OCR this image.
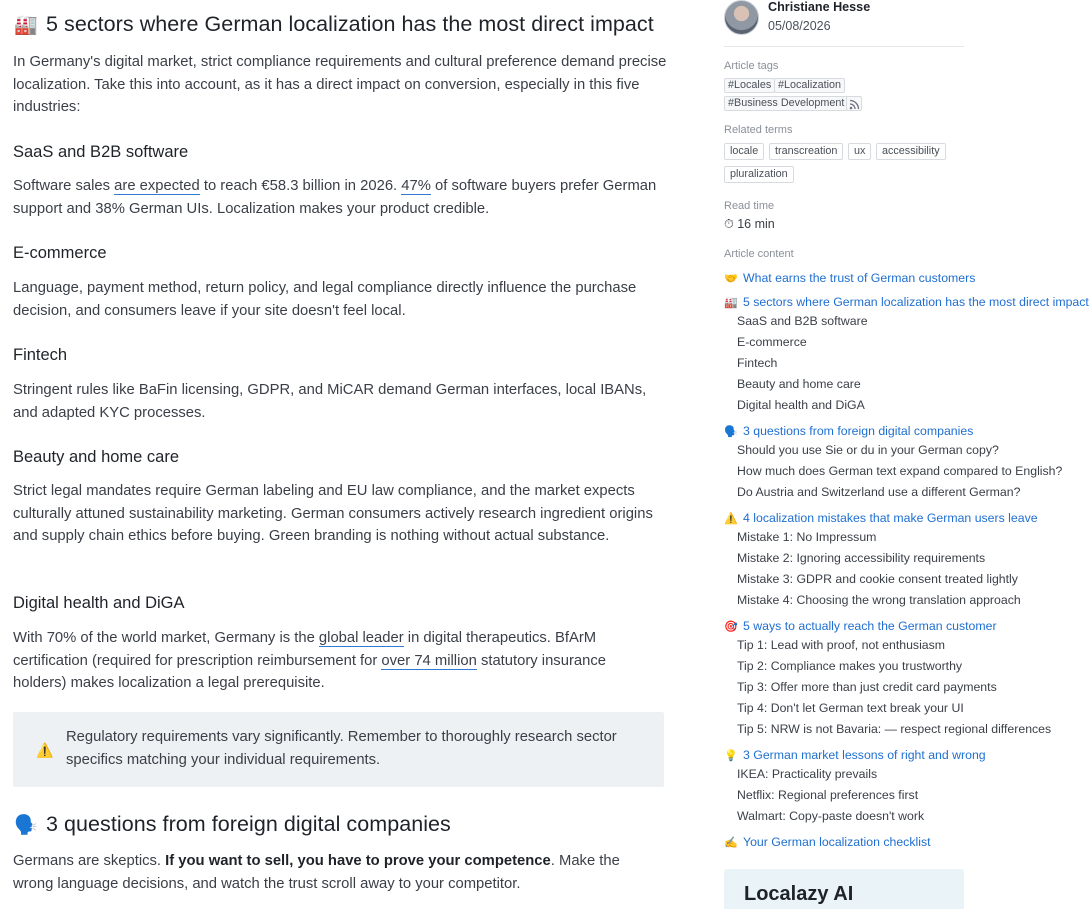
🏭 5 sectors where German localization has the most direct impact
In Germany's digital market, strict compliance requirements and cultural preference demand precise localization. Take this into account, as it has a direct impact on conversion, especially in this five industries:
SaaS and B2B software
Software sales are expected to reach €58.3 billion in 2026. 47% of software buyers prefer German support and 38% German UIs. Localization makes your product credible.
E-commerce
Language, payment method, return policy, and legal compliance directly influence the purchase decision, and consumers leave if your site doesn't feel local.
Fintech
Stringent rules like BaFin licensing, GDPR, and MiCAR demand German interfaces, local IBANs, and adapted KYC processes.
Beauty and home care
Strict legal mandates require German labeling and EU law compliance, and the market expects culturally attuned sustainability marketing. German consumers actively research ingredient origins and supply chain ethics before buying. Green branding is nothing without actual substance.
Digital health and DiGA
With 70% of the world market, Germany is the global leader in digital therapeutics. BfArM certification (required for prescription reimbursement for over 74 million statutory insurance holders) makes localization a legal prerequisite.
⚠️
Regulatory requirements vary significantly. Remember to thoroughly research sector specifics matching your individual requirements.
🗣️ 3 questions from foreign digital companies
Germans are skeptics. If you want to sell, you have to prove your competence. Make the wrong language decisions, and watch the trust scroll away to your competitor.
Christiane Hesse
05/08/2026
Article tags
#Locales #Localization
#Business Development
Related terms
locale	transcreation	ux	accessibility
pluralization
Read time
⏱ 16 min
Article content
🤝 What earns the trust of German customers
🏭 5 sectors where German localization has the most direct impact
SaaS and B2B software
E-commerce
Fintech
Beauty and home care
Digital health and DiGA
🗣️ 3 questions from foreign digital companies
Should you use Sie or du in your German copy?
How much does German text expand compared to English?
Do Austria and Switzerland use a different German?
⚠️ 4 localization mistakes that make German users leave
Mistake 1: No Impressum
Mistake 2: Ignoring accessibility requirements
Mistake 3: GDPR and cookie consent treated lightly
Mistake 4: Choosing the wrong translation approach
🎯 5 ways to actually reach the German customer
Tip 1: Lead with proof, not enthusiasm
Tip 2: Compliance makes you trustworthy
Tip 3: Offer more than just credit card payments
Tip 4: Don't let German text break your UI
Tip 5: NRW is not Bavaria: — respect regional differences
💡 3 German market lessons of right and wrong
IKEA: Practicality prevails
Netflix: Regional preferences first
Walmart: Copy-paste doesn't work
✍️ Your German localization checklist
Localazy AI
